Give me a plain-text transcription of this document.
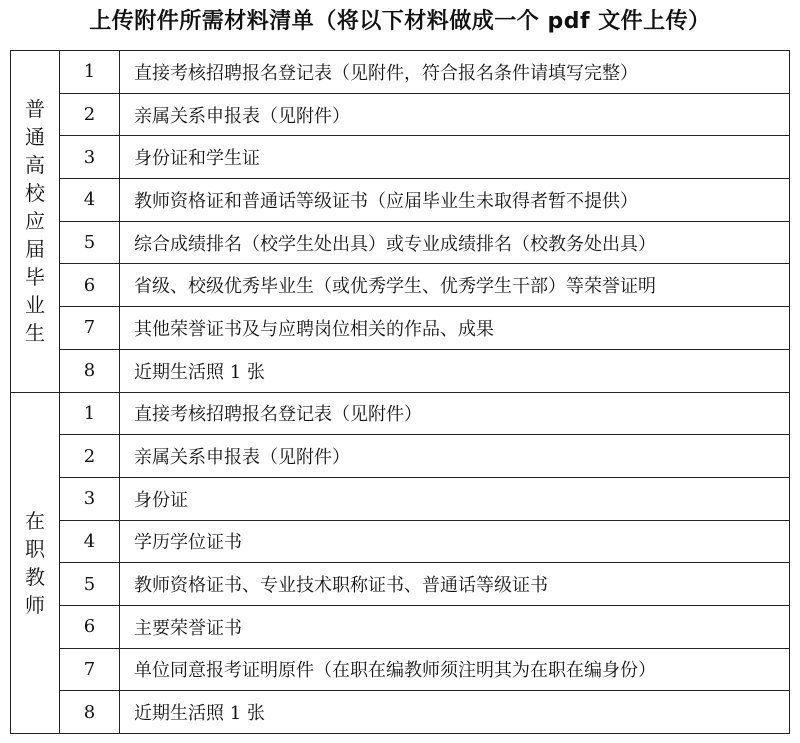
上传附件所需材料清单（将以下材料做成一个 pdf 文件上传）
普通高校应届毕业生	1	直接考核招聘报名登记表（见附件，符合报名条件请填写完整）
	2	亲属关系申报表（见附件）
	3	身份证和学生证
	4	教师资格证和普通话等级证书（应届毕业生未取得者暂不提供）
	5	综合成绩排名（校学生处出具）或专业成绩排名（校教务处出具）
	6	省级、校级优秀毕业生（或优秀学生、优秀学生干部）等荣誉证明
	7	其他荣誉证书及与应聘岗位相关的作品、成果
	8	近期生活照 1 张
在职教师	1	直接考核招聘报名登记表（见附件）
	2	亲属关系申报表（见附件）
	3	身份证
	4	学历学位证书
	5	教师资格证书、专业技术职称证书、普通话等级证书
	6	主要荣誉证书
	7	单位同意报考证明原件（在职在编教师须注明其为在职在编身份）
	8	近期生活照 1 张
